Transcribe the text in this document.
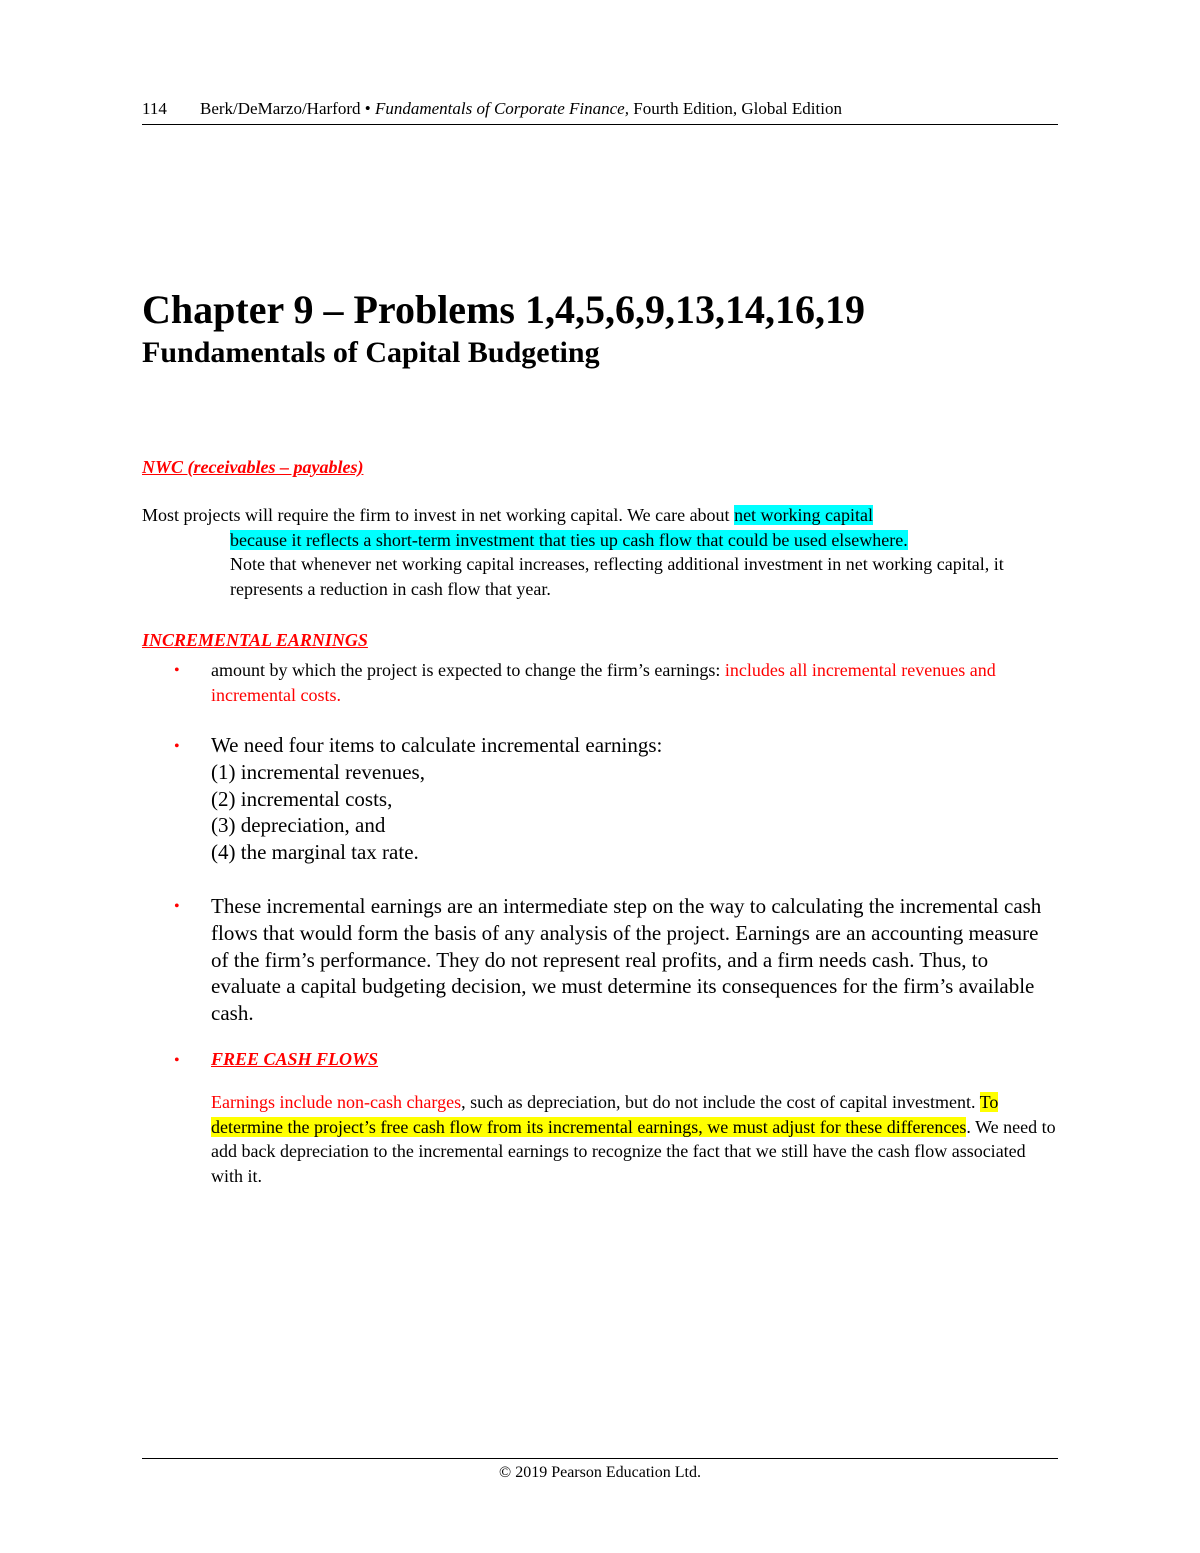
114 Berk/DeMarzo/Harford • Fundamentals of Corporate Finance, Fourth Edition, Global Edition
Chapter 9 – Problems 1,4,5,6,9,13,14,16,19
Fundamentals of Capital Budgeting
NWC (receivables – payables)
Most projects will require the firm to invest in net working capital. We care about net working capital
because it reflects a short-term investment that ties up cash flow that could be used elsewhere.
Note that whenever net working capital increases, reflecting additional investment in net working capital, it represents a reduction in cash flow that year.
INCREMENTAL EARNINGS
• amount by which the project is expected to change the firm’s earnings: includes all incremental revenues and incremental costs.
• We need four items to calculate incremental earnings:
(1) incremental revenues,
(2) incremental costs,
(3) depreciation, and
(4) the marginal tax rate.
• These incremental earnings are an intermediate step on the way to calculating the incremental cash flows that would form the basis of any analysis of the project. Earnings are an accounting measure of the firm’s performance. They do not represent real profits, and a firm needs cash. Thus, to evaluate a capital budgeting decision, we must determine its consequences for the firm’s available cash.
• FREE CASH FLOWS
Earnings include non-cash charges, such as depreciation, but do not include the cost of capital investment. To determine the project’s free cash flow from its incremental earnings, we must adjust for these differences. We need to add back depreciation to the incremental earnings to recognize the fact that we still have the cash flow associated with it.
© 2019 Pearson Education Ltd.
